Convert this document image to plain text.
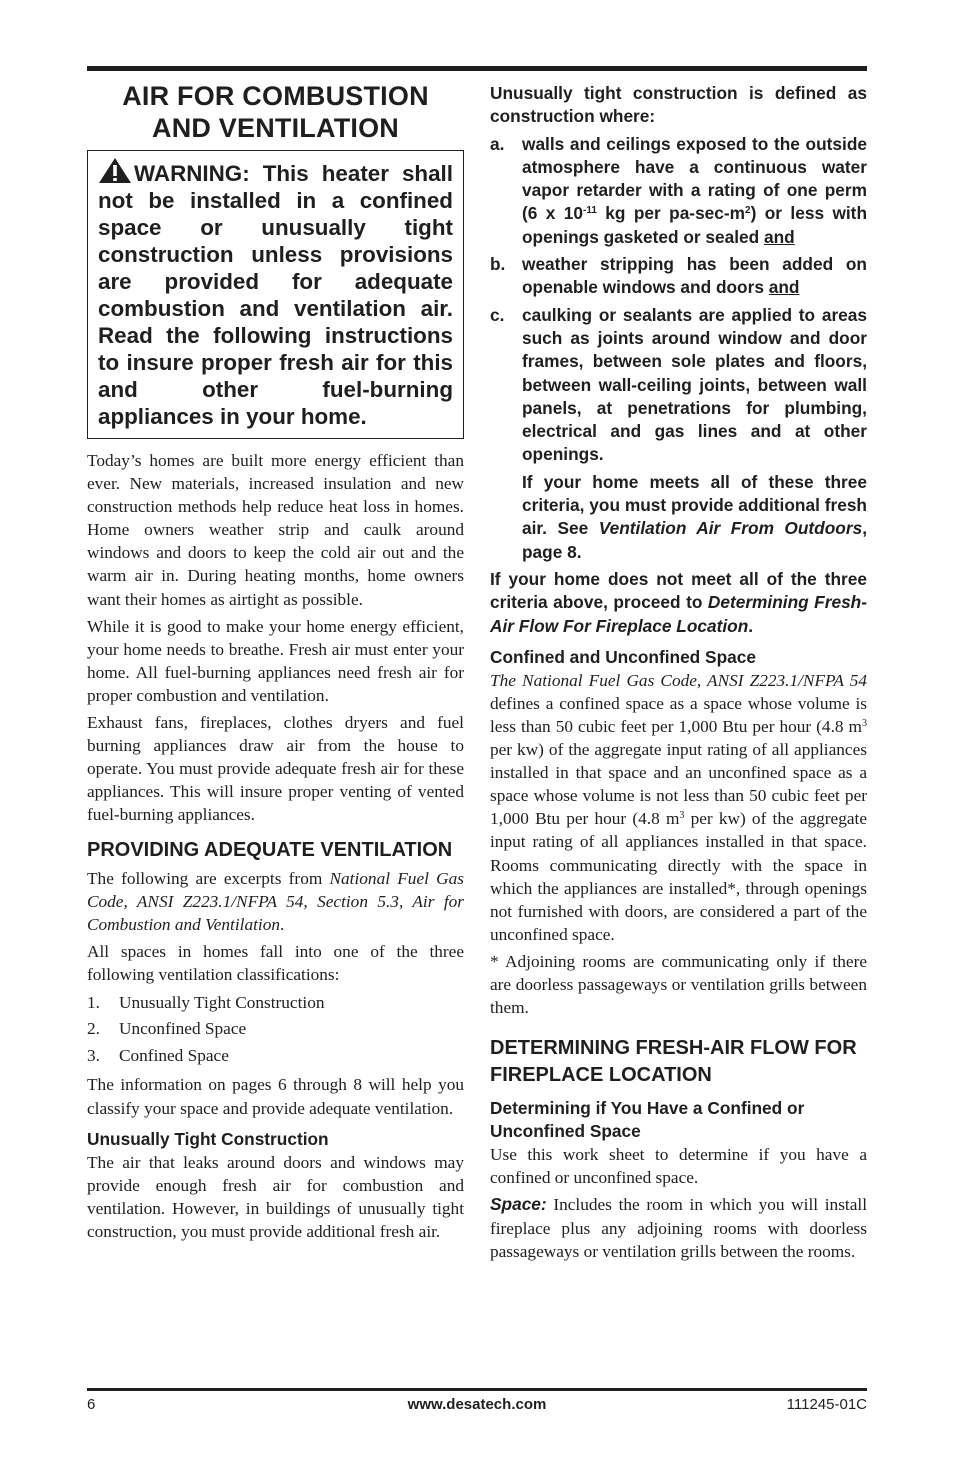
AIR FOR COMBUSTION
AND VENTILATION

WARNING: This heater shall not be installed in a confined space or unusually tight construction unless provisions are provided for adequate combustion and ventilation air. Read the following instructions to insure proper fresh air for this and other fuel-burning appliances in your home.

Today’s homes are built more energy efficient than ever. New materials, increased insulation and new construction methods help reduce heat loss in homes. Home owners weather strip and caulk around windows and doors to keep the cold air out and the warm air in. During heating months, home owners want their homes as airtight as possible.

While it is good to make your home energy efficient, your home needs to breathe. Fresh air must enter your home. All fuel-burning appliances need fresh air for proper combustion and ventilation.

Exhaust fans, fireplaces, clothes dryers and fuel burning appliances draw air from the house to operate. You must provide adequate fresh air for these appliances. This will insure proper venting of vented fuel-burning appliances.

PROVIDING ADEQUATE VENTILATION

The following are excerpts from National Fuel Gas Code, ANSI Z223.1/NFPA 54, Section 5.3, Air for Combustion and Ventilation.

All spaces in homes fall into one of the three following ventilation classifications:

1.	Unusually Tight Construction
2.	Unconfined Space
3.	Confined Space

The information on pages 6 through 8 will help you classify your space and provide adequate ventilation.

Unusually Tight Construction

The air that leaks around doors and windows may provide enough fresh air for combustion and ventilation. However, in buildings of unusually tight construction, you must provide additional fresh air.

Unusually tight construction is defined as construction where:

a.	walls and ceilings exposed to the outside atmosphere have a continuous water vapor retarder with a rating of one perm (6 x $10^{-11}$ kg per $pa-\sec-m^2$) or less with openings gasketed or sealed and
b. weather stripping has been added on openable windows and doors and
c.	caulking or sealants are applied to areas such as joints around window and door frames, between sole plates and floors, between wall-ceiling joints, between wall panels, at penetrations for plumbing, electrical and gas lines and at other openings.

If your home meets all of these three criteria, you must provide additional fresh air. See Ventilation Air From Outdoors, page 8.

If your home does not meet all of the three criteria above, proceed to Determining Fresh-Air Flow For Fireplace Location.

Confined and Unconfined Space

The National Fuel Gas Code, ANSI Z223.1/NFPA 54 defines a confined space as a space whose volume is less than 50 cubic feet per 1,000 Btu per hour (4.8 $m^3$ per kw) of the aggregate input rating of all appliances installed in that space and an unconfined space as a space whose volume is not less than 50 cubic feet per 1,000 Btu per hour (4.8 $m^3$ per kw) of the aggregate input rating of all appliances installed in that space. Rooms communicating directly with the space in which the appliances are installed*, through openings not furnished with doors, are considered a part of the unconfined space.

* Adjoining rooms are communicating only if there are doorless passageways or ventilation grills between them.

DETERMINING FRESH-AIR FLOW FOR FIREPLACE LOCATION
Determining if You Have a Confined or Unconfined Space

Use this work sheet to determine if you have a confined or unconfined space.

Space: Includes the room in which you will install fireplace plus any adjoining rooms with doorless passageways or ventilation grills between the rooms.

6	www.desatech.com	111245-01C
